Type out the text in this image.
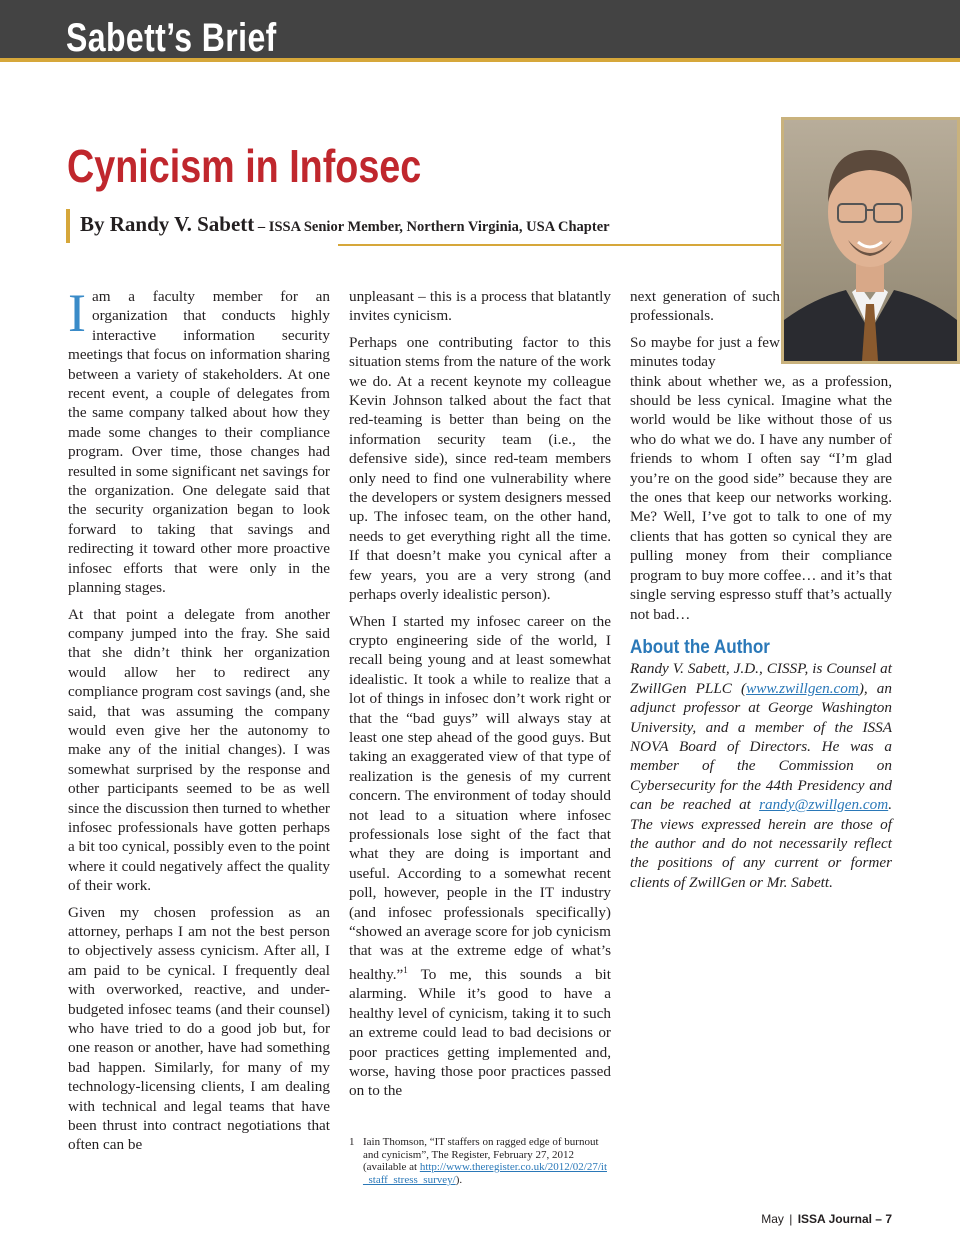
Sabett’s Brief
Cynicism in Infosec
By Randy V. Sabett – ISSA Senior Member, Northern Virginia, USA Chapter

Iam a faculty member for an organization that conducts highly interactive information security meetings that focus on information sharing between a variety of stakeholders. At one recent event, a couple of delegates from the same company talked about how they made some changes to their compliance program. Over time, those changes had resulted in some significant net savings for the organization. One delegate said that the security organization began to look forward to taking that savings and redirecting it toward other more proactive infosec efforts that were only in the planning stages.

At that point a delegate from another company jumped into the fray. She said that she didn’t think her organization would allow her to redirect any compliance program cost savings (and, she said, that was assuming the company would even give her the autonomy to make any of the initial changes). I was somewhat surprised by the response and other participants seemed to be as well since the discussion then turned to whether infosec professionals have gotten perhaps a bit too cynical, possibly even to the point where it could negatively affect the quality of their work.

Given my chosen profession as an attorney, perhaps I am not the best person to objectively assess cynicism. After all, I am paid to be cynical. I frequently deal with overworked, reactive, and under-budgeted infosec teams (and their counsel) who have tried to do a good job but, for one reason or another, have had something bad happen. Similarly, for many of my technology-licensing clients, I am dealing with technical and legal teams that have been thrust into contract negotiations that often can be

unpleasant – this is a process that blatantly invites cynicism.

Perhaps one contributing factor to this situation stems from the nature of the work we do. At a recent keynote my colleague Kevin Johnson talked about the fact that red-teaming is better than being on the information security team (i.e., the defensive side), since red-team members only need to find one vulnerability where the developers or system designers messed up. The infosec team, on the other hand, needs to get everything right all the time. If that doesn’t make you cynical after a few years, you are a very strong (and perhaps overly idealistic person).

When I started my infosec career on the crypto engineering side of the world, I recall being young and at least somewhat idealistic. It took a while to realize that a lot of things in infosec don’t work right or that the “bad guys” will always stay at least one step ahead of the good guys. But taking an exaggerated view of that type of realization is the genesis of my current concern. The environment of today should not lead to a situation where infosec professionals lose sight of the fact that what they are doing is important and useful. According to a somewhat recent poll, however, people in the IT industry (and infosec professionals specifically) “showed an average score for job cynicism that was at the extreme edge of what’s healthy.”$^1$ To me, this sounds a bit alarming. While it’s good to have a healthy level of cynicism, taking it to such an extreme could lead to bad decisions or poor practices getting implemented and, worse, having those poor practices passed on to the

next generation of such professionals.

So maybe for just a few minutes today
think about whether we, as a profession, should be less cynical. Imagine what the world would be like without those of us who do what we do. I have any number of friends to whom I often say “I’m glad you’re on the good side” because they are the ones that keep our networks working. Me? Well, I’ve got to talk to one of my clients that has gotten so cynical they are pulling money from their compliance program to buy more coffee… and it’s that single serving espresso stuff that’s actually not bad…

About the Author
Randy V. Sabett, J.D., CISSP, is Counsel at ZwillGen PLLC (www.zwillgen.com), an adjunct professor at George Washington University, and a member of the ISSA NOVA Board of Directors. He was a member of the Commission on Cybersecurity for the 44th Presidency and can be reached at randy@zwillgen.com. The views expressed herein are those of the author and do not necessarily reflect the positions of any current or former clients of ZwillGen or Mr. Sabett.
1 Iain Thomson, “IT staffers on ragged edge of burnout and cynicism”, The Register, February 27, 2012 (available at http://www.theregister.co.uk/2012/02/27/it_staff_stress_survey/).
May | ISSA Journal – 7
